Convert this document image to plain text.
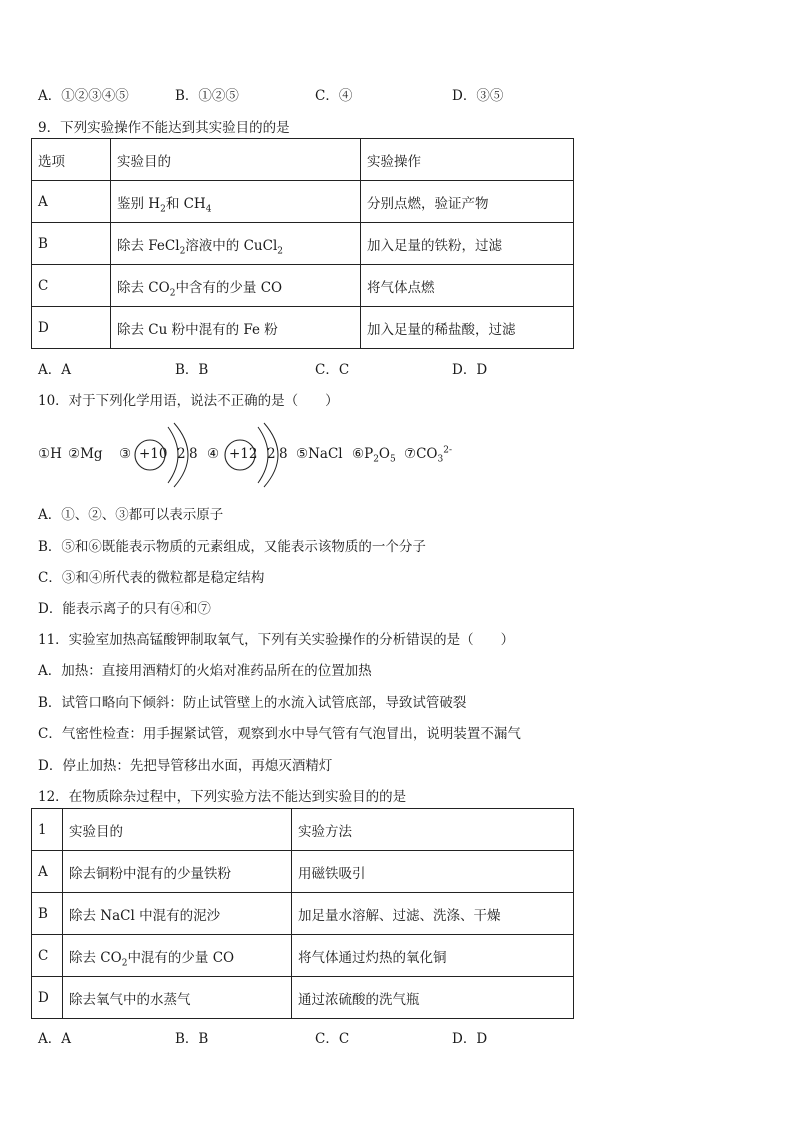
A．①②③④⑤	B．①②⑤	C．④	D．③⑤
9．下列实验操作不能达到其实验目的的是
选项	实验目的	实验操作
A	鉴别 $H_2$和 $CH_4$	分别点燃，验证产物
B	除去 FeCl$_2$溶液中的 CuCl$_2$	加入足量的铁粉，过滤
C	除去 $CO_2$中含有的少量 CO	将气体点燃
D	除去 Cu 粉中混有的 Fe 粉	加入足量的稀盐酸，过滤
A．A	B．B	C．C	D．D
10．对于下列化学用语，说法不正确的是（　　）
①H ②Mg ③ +10 2 8 ④ +12 2 8 ⑤NaCl $⑥P_2O_5$ $⑦CO_3^{2-}$
A．①、②、③都可以表示原子
B．⑤和⑥既能表示物质的元素组成，又能表示该物质的一个分子
C．③和④所代表的微粒都是稳定结构
D．能表示离子的只有④和⑦
11．实验室加热高锰酸钾制取氧气，下列有关实验操作的分析错误的是（　　）
A．加热：直接用酒精灯的火焰对准药品所在的位置加热
B．试管口略向下倾斜：防止试管壁上的水流入试管底部，导致试管破裂
C．气密性检查：用手握紧试管，观察到水中导气管有气泡冒出，说明装置不漏气
D．停止加热：先把导管移出水面，再熄灭酒精灯
12．在物质除杂过程中，下列实验方法不能达到实验目的的是
1	实验目的	实验方法
A	除去铜粉中混有的少量铁粉	用磁铁吸引
B	除去 NaCl 中混有的泥沙	加足量水溶解、过滤、洗涤、干燥
C	除去 $CO_2$中混有的少量 CO	将气体通过灼热的氧化铜
D	除去氧气中的水蒸气	通过浓硫酸的洗气瓶
A．A	B．B	C．C	D．D
